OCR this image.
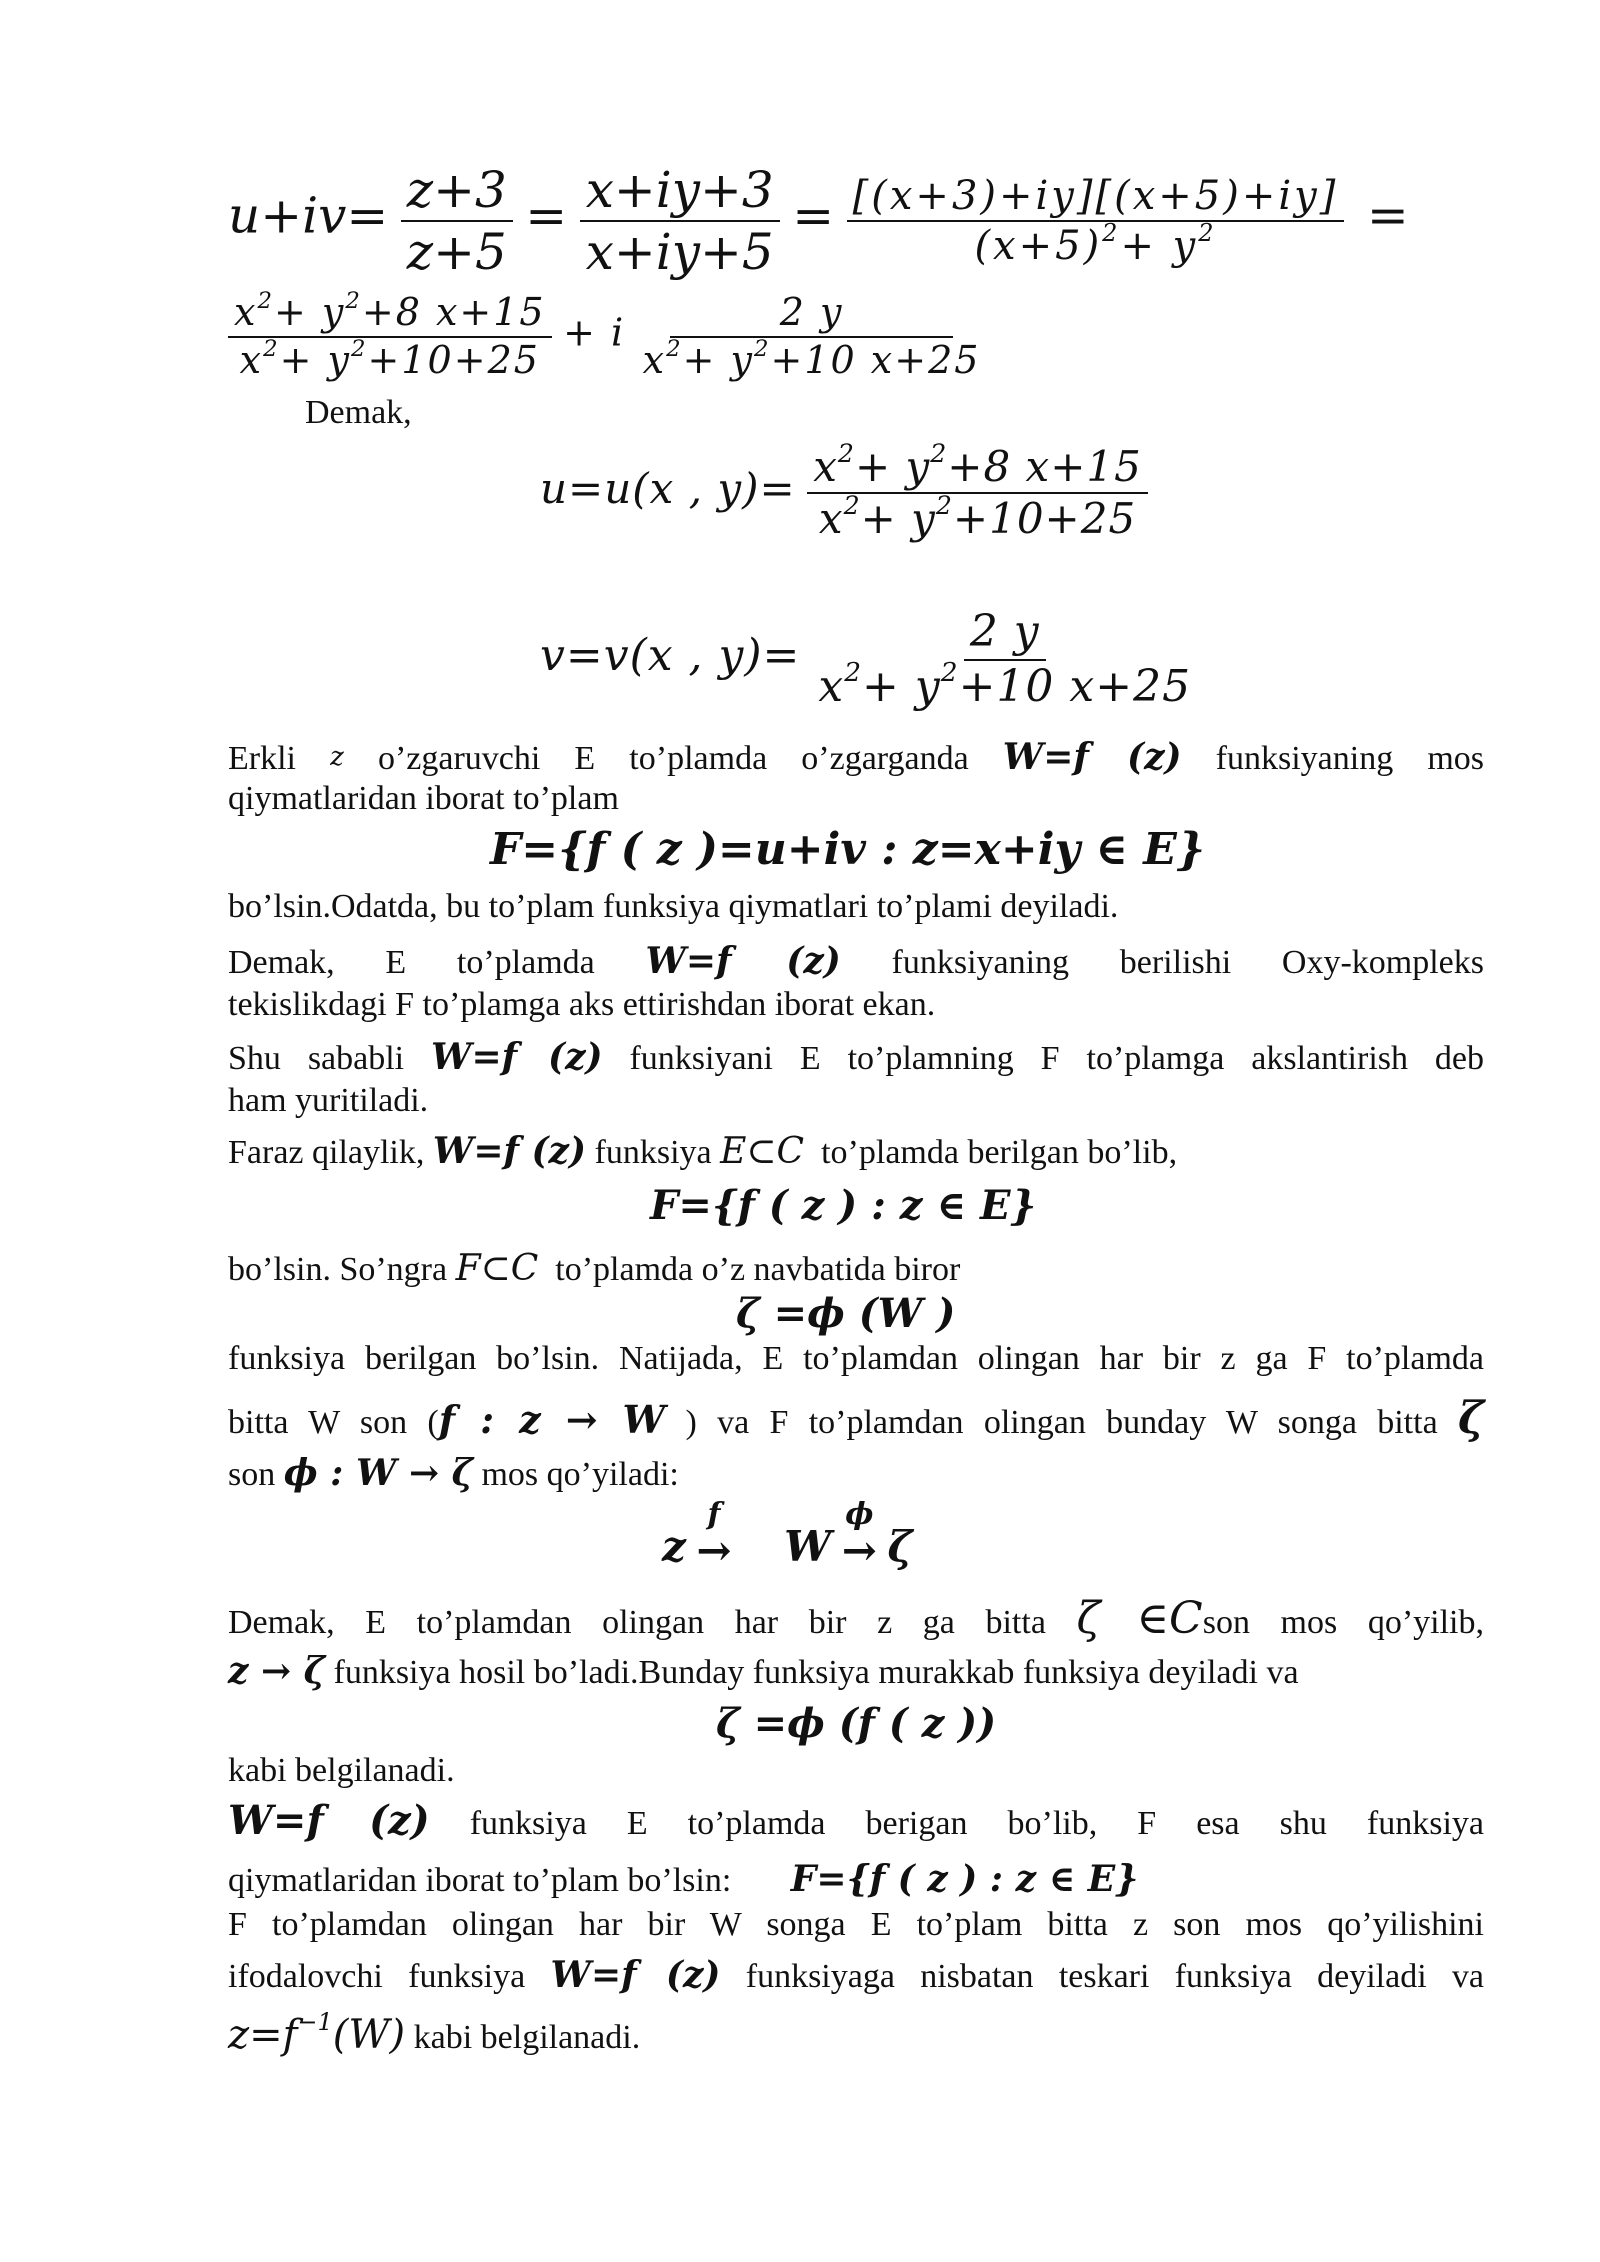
$u+iv= \frac{z+3}{z+5} = \frac{x+iy+3}{x+iy+5} = \frac{[(x+3)+iy][(x+5)+iy]}{(x+5)^2+ y^2}$ =
$\frac{x^2+ y^2+8 x+15}{x^2+ y^2+10+25} + i \frac{2 y}{x^2+ y^2+10 x+25}$
Demak,
u=u(x , $y)= \frac{x^2+ y^2+8 x+15}{x^2+ y^2+10+25}$
v=v(x , $y)= \frac{2 y}{x^2+ y^2+10 x+25}$
Erkli z o’zgaruvchi E to’plamda o’zgarganda W=f (z) funksiyaning mos
qiymatlaridan iborat to’plam
F={f ( z )=u+iv : z=x+iy ∈ E}
bo’lsin.Odatda, bu to’plam funksiya qiymatlari to’plami deyiladi.
Demak, E to’plamda W=f (z) funksiyaning berilishi Oxy-kompleks
tekislikdagi F to’plamga aks ettirishdan iborat ekan.
Shu sababli W=f (z) funksiyani E to’plamning F to’plamga akslantirish deb
ham yuritiladi.
Faraz qilaylik, W=f (z) funksiya E⊂C to’plamda berilgan bo’lib,
F={f ( z ) : z ∈ E}
bo’lsin. So’ngra F⊂C to’plamda o’z navbatida biror
ζ =ϕ (W )
funksiya berilgan bo’lsin. Natijada, E to’plamdan olingan har bir z ga F to’plamda
bitta W son (f : z → W ) va F to’plamdan olingan bunday W songa bitta ζ
son ϕ : W → ζ mos qo’yiladi:
z
f
→ W
ϕ
→ ζ
Demak, E to’plamdan olingan har bir z ga bitta ζ ∈Cson mos qo’yilib,
z → ζ funksiya hosil bo’ladi.Bunday funksiya murakkab funksiya deyiladi va
ζ =ϕ (f ( z ))
kabi belgilanadi.
W=f (z) funksiya E to’plamda berigan bo’lib, F esa shu funksiya
qiymatlaridan iborat to’plam bo’lsin: F={f ( z ) : z ∈ E}
F to’plamdan olingan har bir W songa E to’plam bitta z son mos qo’yilishini
ifodalovchi funksiya W=f (z) funksiyaga nisbatan teskari funksiya deyiladi va
$z=f^{-1}(W)$ kabi belgilanadi.
